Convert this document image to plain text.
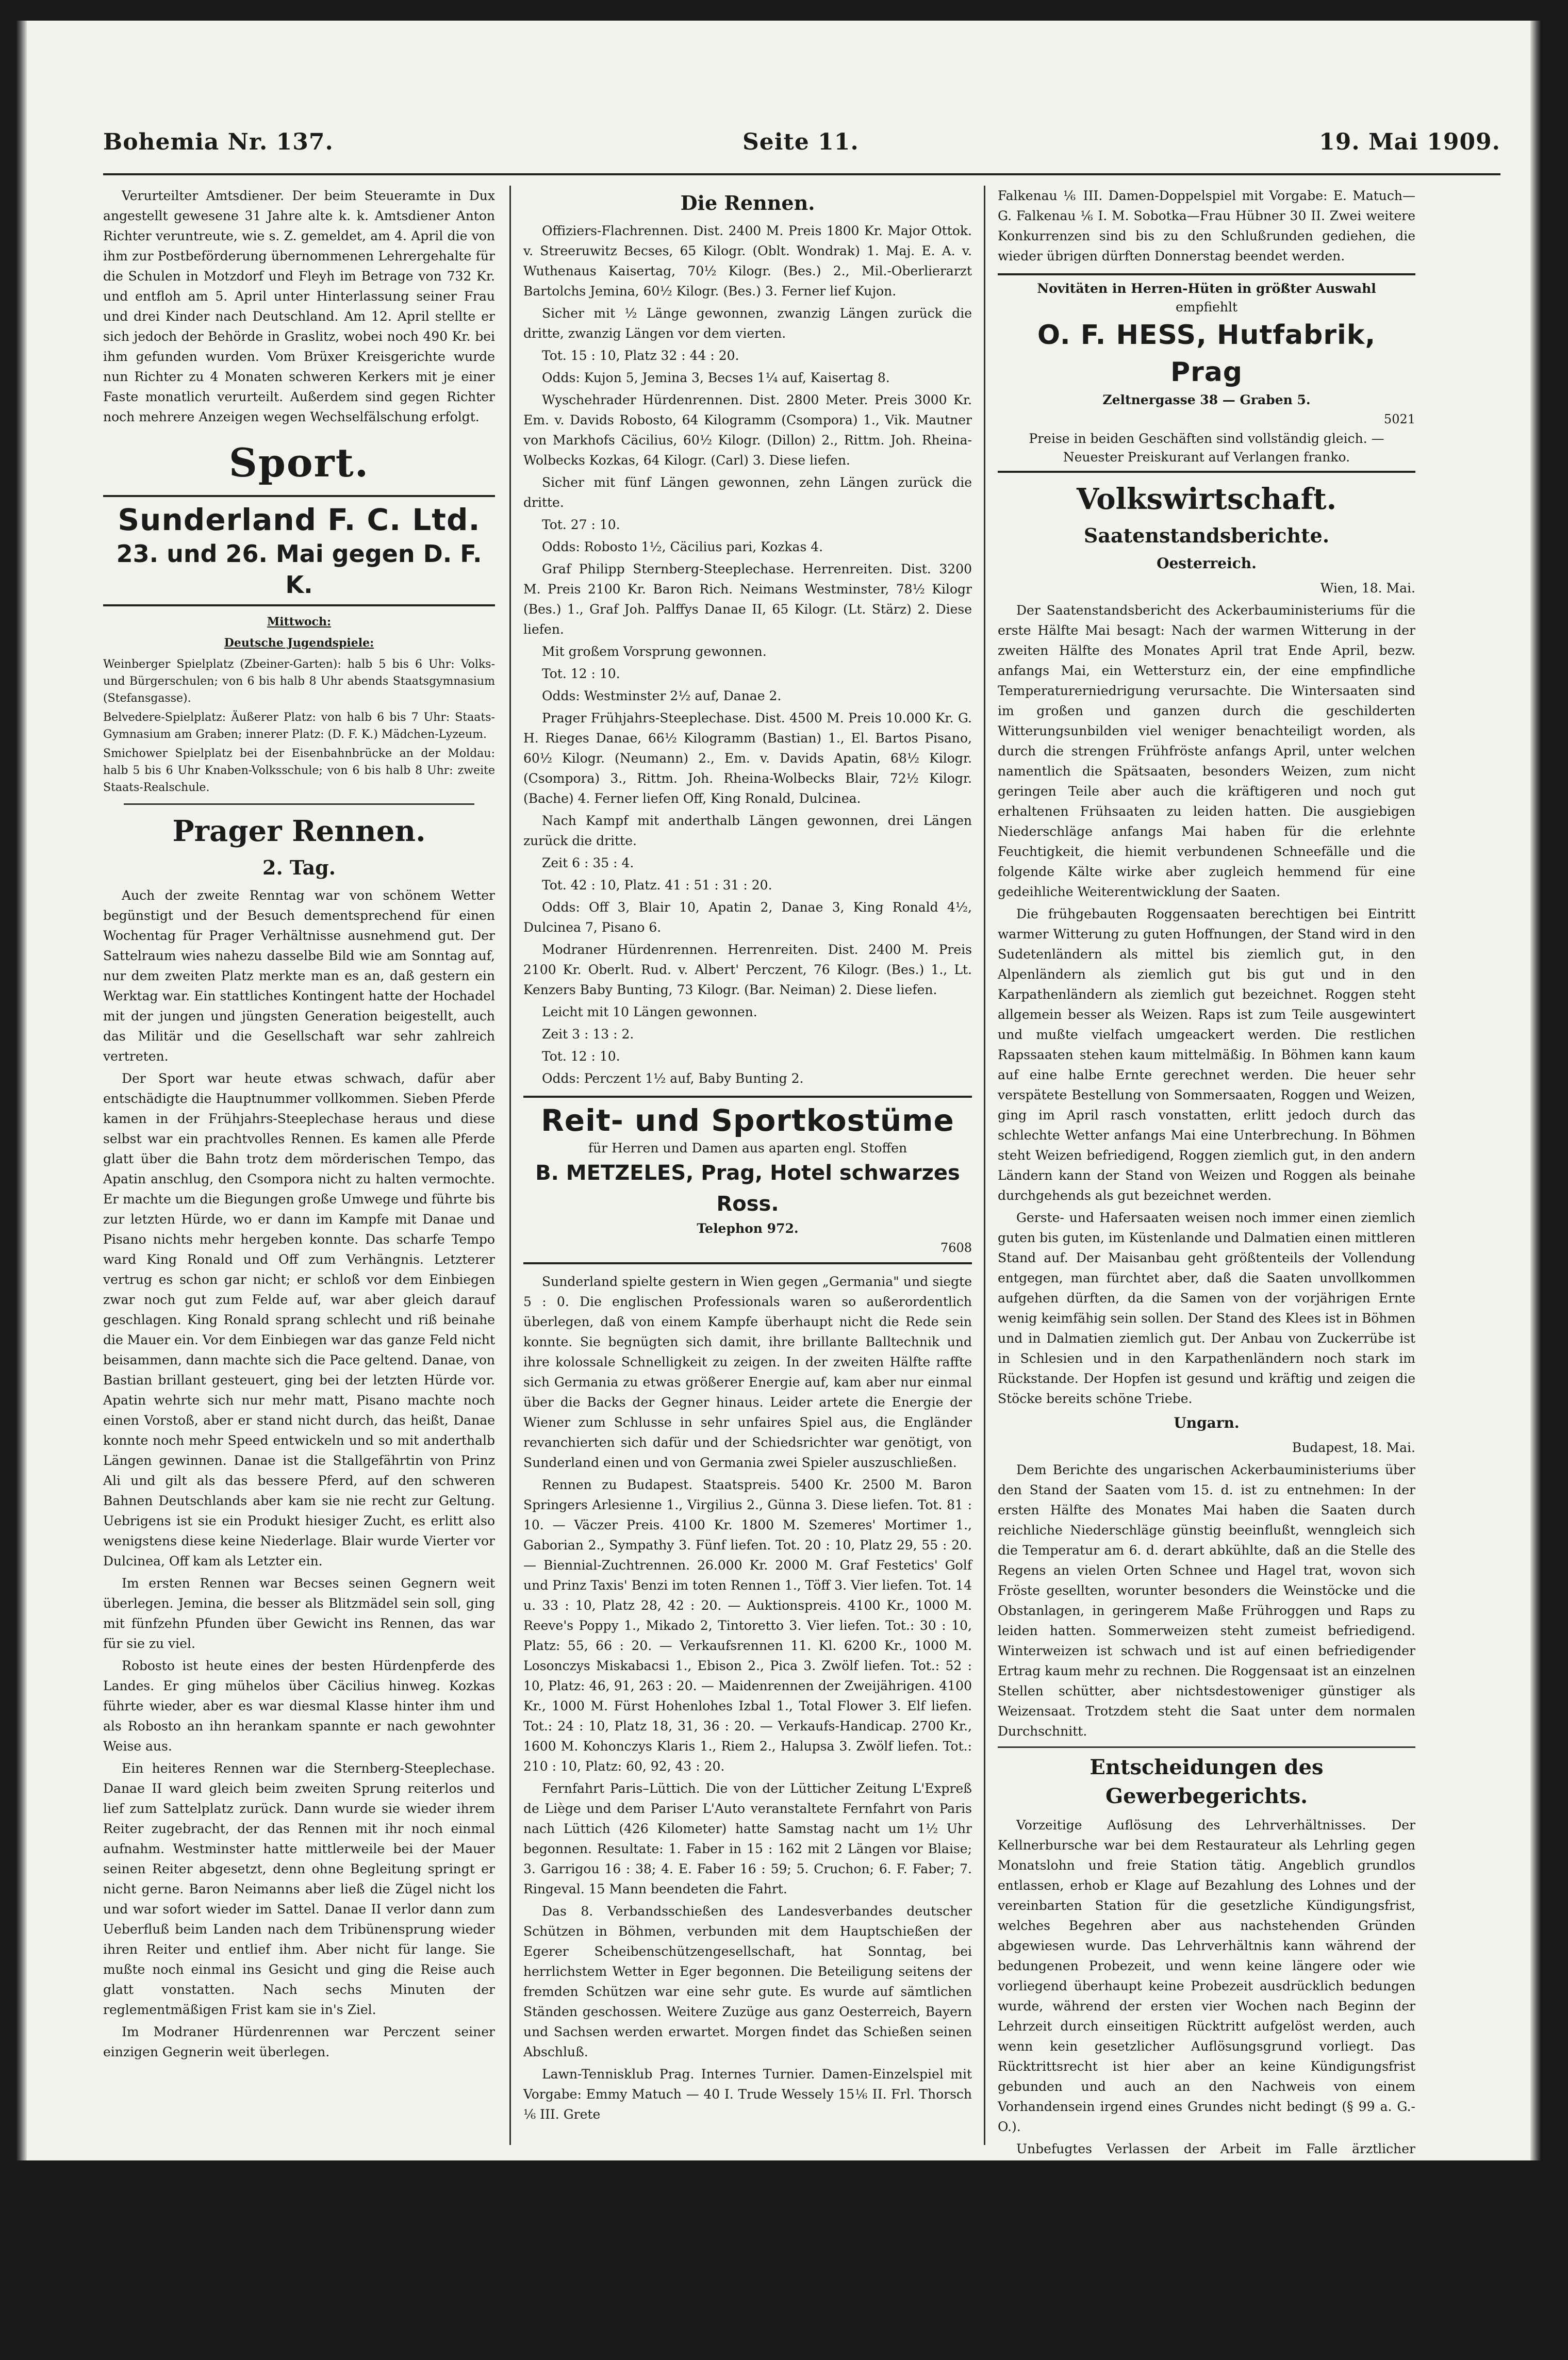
Bohemia Nr. 137.	Seite 11.	19. Mai 1909.

Verurteilter Amtsdiener. Der beim Steueramte in Dux angestellt gewesene 31 Jahre alte k. k. Amtsdiener Anton Richter veruntreute, wie s. Z. gemeldet, am 4. April die von ihm zur Postbeförderung übernommenen Lehrergehalte für die Schulen in Motzdorf und Fleyh im Betrage von 732 Kr. und entfloh am 5. April unter Hinterlassung seiner Frau und drei Kinder nach Deutschland. Am 12. April stellte er sich jedoch der Behörde in Graslitz, wobei noch 490 Kr. bei ihm gefunden wurden. Vom Brüxer Kreisgerichte wurde nun Richter zu 4 Monaten schweren Kerkers mit je einer Faste monatlich verurteilt. Außerdem sind gegen Richter noch mehrere Anzeigen wegen Wechselfälschung erfolgt.

Sport.
Sunderland F. C. Ltd.
23. und 26. Mai gegen D. F. K.
Mittwoch:
Deutsche Jugendspiele:

Weinberger Spielplatz (Zbeiner-Garten): halb 5 bis 6 Uhr: Volks- und Bürgerschulen; von 6 bis halb 8 Uhr abends Staatsgymnasium (Stefansgasse).

Belvedere-Spielplatz: Äußerer Platz: von halb 6 bis 7 Uhr: Staats-Gymnasium am Graben; innerer Platz: (D. F. K.) Mädchen-Lyzeum.

Smichower Spielplatz bei der Eisenbahnbrücke an der Moldau: halb 5 bis 6 Uhr Knaben-Volksschule; von 6 bis halb 8 Uhr: zweite Staats-Realschule.

Prager Rennen.
2. Tag.

Auch der zweite Renntag war von schönem Wetter begünstigt und der Besuch dementsprechend für einen Wochentag für Prager Verhältnisse ausnehmend gut. Der Sattelraum wies nahezu dasselbe Bild wie am Sonntag auf, nur dem zweiten Platz merkte man es an, daß gestern ein Werktag war. Ein stattliches Kontingent hatte der Hochadel mit der jungen und jüngsten Generation beigestellt, auch das Militär und die Gesellschaft war sehr zahlreich vertreten.

Der Sport war heute etwas schwach, dafür aber entschädigte die Hauptnummer vollkommen. Sieben Pferde kamen in der Frühjahrs-Steeplechase heraus und diese selbst war ein prachtvolles Rennen. Es kamen alle Pferde glatt über die Bahn trotz dem mörderischen Tempo, das Apatin anschlug, den Csompora nicht zu halten vermochte. Er machte um die Biegungen große Umwege und führte bis zur letzten Hürde, wo er dann im Kampfe mit Danae und Pisano nichts mehr hergeben konnte. Das scharfe Tempo ward King Ronald und Off zum Verhängnis. Letzterer vertrug es schon gar nicht; er schloß vor dem Einbiegen zwar noch gut zum Felde auf, war aber gleich darauf geschlagen. King Ronald sprang schlecht und riß beinahe die Mauer ein. Vor dem Einbiegen war das ganze Feld nicht beisammen, dann machte sich die Pace geltend. Danae, von Bastian brillant gesteuert, ging bei der letzten Hürde vor. Apatin wehrte sich nur mehr matt, Pisano machte noch einen Vorstoß, aber er stand nicht durch, das heißt, Danae konnte noch mehr Speed entwickeln und so mit anderthalb Längen gewinnen. Danae ist die Stallgefährtin von Prinz Ali und gilt als das bessere Pferd, auf den schweren Bahnen Deutschlands aber kam sie nie recht zur Geltung. Uebrigens ist sie ein Produkt hiesiger Zucht, es erlitt also wenigstens diese keine Niederlage. Blair wurde Vierter vor Dulcinea, Off kam als Letzter ein.

Im ersten Rennen war Becses seinen Gegnern weit überlegen. Jemina, die besser als Blitzmädel sein soll, ging mit fünfzehn Pfunden über Gewicht ins Rennen, das war für sie zu viel.

Robosto ist heute eines der besten Hürdenpferde des Landes. Er ging mühelos über Cäcilius hinweg. Kozkas führte wieder, aber es war diesmal Klasse hinter ihm und als Robosto an ihn herankam spannte er nach gewohnter Weise aus.

Ein heiteres Rennen war die Sternberg-Steeplechase. Danae II ward gleich beim zweiten Sprung reiterlos und lief zum Sattelplatz zurück. Dann wurde sie wieder ihrem Reiter zugebracht, der das Rennen mit ihr noch einmal aufnahm. Westminster hatte mittlerweile bei der Mauer seinen Reiter abgesetzt, denn ohne Begleitung springt er nicht gerne. Baron Neimanns aber ließ die Zügel nicht los und war sofort wieder im Sattel. Danae II verlor dann zum Ueberfluß beim Landen nach dem Tribünensprung wieder ihren Reiter und entlief ihm. Aber nicht für lange. Sie mußte noch einmal ins Gesicht und ging die Reise auch glatt vonstatten. Nach sechs Minuten der reglementmäßigen Frist kam sie in's Ziel.

Im Modraner Hürdenrennen war Perczent seiner einzigen Gegnerin weit überlegen.

Die Rennen.

Offiziers-Flachrennen. Dist. 2400 M. Preis 1800 Kr. Major Ottok. v. Streeruwitz Becses, 65 Kilogr. (Oblt. Wondrak) 1. Maj. E. A. v. Wuthenaus Kaisertag, 70½ Kilogr. (Bes.) 2., Mil.-Oberlierarzt Bartolchs Jemina, 60½ Kilogr. (Bes.) 3. Ferner lief Kujon.

Sicher mit ½ Länge gewonnen, zwanzig Längen zurück die dritte, zwanzig Längen vor dem vierten.

Tot. 15 : 10, Platz 32 : 44 : 20.

Odds: Kujon 5, Jemina 3, Becses 1¼ auf, Kaisertag 8.

Wyschehrader Hürdenrennen. Dist. 2800 Meter. Preis 3000 Kr. Em. v. Davids Robosto, 64 Kilogramm (Csompora) 1., Vik. Mautner von Markhofs Cäcilius, 60½ Kilogr. (Dillon) 2., Rittm. Joh. Rheina-Wolbecks Kozkas, 64 Kilogr. (Carl) 3. Diese liefen.

Sicher mit fünf Längen gewonnen, zehn Längen zurück die dritte.

Tot. 27 : 10.

Odds: Robosto 1½, Cäcilius pari, Kozkas 4.

Graf Philipp Sternberg-Steeplechase. Herrenreiten. Dist. 3200 M. Preis 2100 Kr. Baron Rich. Neimans Westminster, 78½ Kilogr (Bes.) 1., Graf Joh. Palffys Danae II, 65 Kilogr. (Lt. Stärz) 2. Diese liefen.

Mit großem Vorsprung gewonnen.

Tot. 12 : 10.

Odds: Westminster 2½ auf, Danae 2.

Prager Frühjahrs-Steeplechase. Dist. 4500 M. Preis 10.000 Kr. G. H. Rieges Danae, 66½ Kilogramm (Bastian) 1., El. Bartos Pisano, 60½ Kilogr. (Neumann) 2., Em. v. Davids Apatin, 68½ Kilogr. (Csompora) 3., Rittm. Joh. Rheina-Wolbecks Blair, 72½ Kilogr. (Bache) 4. Ferner liefen Off, King Ronald, Dulcinea.

Nach Kampf mit anderthalb Längen gewonnen, drei Längen zurück die dritte.

Zeit 6 : 35 : 4.

Tot. 42 : 10, Platz. 41 : 51 : 31 : 20.

Odds: Off 3, Blair 10, Apatin 2, Danae 3, King Ronald 4½, Dulcinea 7, Pisano 6.

Modraner Hürdenrennen. Herrenreiten. Dist. 2400 M. Preis 2100 Kr. Oberlt. Rud. v. Albert' Perczent, 76 Kilogr. (Bes.) 1., Lt. Kenzers Baby Bunting, 73 Kilogr. (Bar. Neiman) 2. Diese liefen.

Leicht mit 10 Längen gewonnen.

Zeit 3 : 13 : 2.

Tot. 12 : 10.

Odds: Perczent 1½ auf, Baby Bunting 2.

Reit- und Sportkostüme
für Herren und Damen aus aparten engl. Stoffen
B. METZELES, Prag, Hotel schwarzes Ross.
Telephon 972.
7608

Sunderland spielte gestern in Wien gegen „Germania" und siegte 5 : 0. Die englischen Professionals waren so außerordentlich überlegen, daß von einem Kampfe überhaupt nicht die Rede sein konnte. Sie begnügten sich damit, ihre brillante Balltechnik und ihre kolossale Schnelligkeit zu zeigen. In der zweiten Hälfte raffte sich Germania zu etwas größerer Energie auf, kam aber nur einmal über die Backs der Gegner hinaus. Leider artete die Energie der Wiener zum Schlusse in sehr unfaires Spiel aus, die Engländer revanchierten sich dafür und der Schiedsrichter war genötigt, von Sunderland einen und von Germania zwei Spieler auszuschließen.

Rennen zu Budapest. Staatspreis. 5400 Kr. 2500 M. Baron Springers Arlesienne 1., Virgilius 2., Günna 3. Diese liefen. Tot. 81 : 10. — Väczer Preis. 4100 Kr. 1800 M. Szemeres' Mortimer 1., Gaborian 2., Sympathy 3. Fünf liefen. Tot. 20 : 10, Platz 29, 55 : 20. — Biennial-Zuchtrennen. 26.000 Kr. 2000 M. Graf Festetics' Golf und Prinz Taxis' Benzi im toten Rennen 1., Töff 3. Vier liefen. Tot. 14 u. 33 : 10, Platz 28, 42 : 20. — Auktionspreis. 4100 Kr., 1000 M. Reeve's Poppy 1., Mikado 2, Tintoretto 3. Vier liefen. Tot.: 30 : 10, Platz: 55, 66 : 20. — Verkaufsrennen 11. Kl. 6200 Kr., 1000 M. Losonczys Miskabacsi 1., Ebison 2., Pica 3. Zwölf liefen. Tot.: 52 : 10, Platz: 46, 91, 263 : 20. — Maidenrennen der Zweijährigen. 4100 Kr., 1000 M. Fürst Hohenlohes Izbal 1., Total Flower 3. Elf liefen. Tot.: 24 : 10, Platz 18, 31, 36 : 20. — Verkaufs-Handicap. 2700 Kr., 1600 M. Kohonczys Klaris 1., Riem 2., Halupsa 3. Zwölf liefen. Tot.: 210 : 10, Platz: 60, 92, 43 : 20.

Fernfahrt Paris–Lüttich. Die von der Lütticher Zeitung L'Expreß de Liège und dem Pariser L'Auto veranstaltete Fernfahrt von Paris nach Lüttich (426 Kilometer) hatte Samstag nacht um 1½ Uhr begonnen. Resultate: 1. Faber in 15 : 162 mit 2 Längen vor Blaise; 3. Garrigou 16 : 38; 4. E. Faber 16 : 59; 5. Cruchon; 6. F. Faber; 7. Ringeval. 15 Mann beendeten die Fahrt.

Das 8. Verbandsschießen des Landesverbandes deutscher Schützen in Böhmen, verbunden mit dem Hauptschießen der Egerer Scheibenschützengesellschaft, hat Sonntag, bei herrlichstem Wetter in Eger begonnen. Die Beteiligung seitens der fremden Schützen war eine sehr gute. Es wurde auf sämtlichen Ständen geschossen. Weitere Zuzüge aus ganz Oesterreich, Bayern und Sachsen werden erwartet. Morgen findet das Schießen seinen Abschluß.

Lawn-Tennisklub Prag. Internes Turnier. Damen-Einzelspiel mit Vorgabe: Emmy Matuch — 40 I. Trude Wessely 15⅙ II. Frl. Thorsch ⅙ III. Grete

Falkenau ⅙ III. Damen-Doppelspiel mit Vorgabe: E. Matuch—G. Falkenau ⅙ I. M. Sobotka—Frau Hübner 30 II. Zwei weitere Konkurrenzen sind bis zu den Schlußrunden gediehen, die wieder übrigen dürften Donnerstag beendet werden.

Novitäten in Herren-Hüten in größter Auswahl
empfiehlt
O. F. HESS, Hutfabrik, Prag
Zeltnergasse 38 — Graben 5.
5021
Preise in beiden Geschäften sind vollständig gleich. — Neuester Preiskurant auf Verlangen franko.
Volkswirtschaft.
Saatenstandsberichte.
Oesterreich.

Wien, 18. Mai.

Der Saatenstandsbericht des Ackerbauministeriums für die erste Hälfte Mai besagt: Nach der warmen Witterung in der zweiten Hälfte des Monates April trat Ende April, bezw. anfangs Mai, ein Wettersturz ein, der eine empfindliche Temperaturerniedrigung verursachte. Die Wintersaaten sind im großen und ganzen durch die geschilderten Witterungsunbilden viel weniger benachteiligt worden, als durch die strengen Frühfröste anfangs April, unter welchen namentlich die Spätsaaten, besonders Weizen, zum nicht geringen Teile aber auch die kräftigeren und noch gut erhaltenen Frühsaaten zu leiden hatten. Die ausgiebigen Niederschläge anfangs Mai haben für die erlehnte Feuchtigkeit, die hiemit verbundenen Schneefälle und die folgende Kälte wirke aber zugleich hemmend für eine gedeihliche Weiterentwicklung der Saaten.

Die frühgebauten Roggensaaten berechtigen bei Eintritt warmer Witterung zu guten Hoffnungen, der Stand wird in den Sudetenländern als mittel bis ziemlich gut, in den Alpenländern als ziemlich gut bis gut und in den Karpathenländern als ziemlich gut bezeichnet. Roggen steht allgemein besser als Weizen. Raps ist zum Teile ausgewintert und mußte vielfach umgeackert werden. Die restlichen Rapssaaten stehen kaum mittelmäßig. In Böhmen kann kaum auf eine halbe Ernte gerechnet werden. Die heuer sehr verspätete Bestellung von Sommersaaten, Roggen und Weizen, ging im April rasch vonstatten, erlitt jedoch durch das schlechte Wetter anfangs Mai eine Unterbrechung. In Böhmen steht Weizen befriedigend, Roggen ziemlich gut, in den andern Ländern kann der Stand von Weizen und Roggen als beinahe durchgehends als gut bezeichnet werden.

Gerste- und Hafersaaten weisen noch immer einen ziemlich guten bis guten, im Küstenlande und Dalmatien einen mittleren Stand auf. Der Maisanbau geht größtenteils der Vollendung entgegen, man fürchtet aber, daß die Saaten unvollkommen aufgehen dürften, da die Samen von der vorjährigen Ernte wenig keimfähig sein sollen. Der Stand des Klees ist in Böhmen und in Dalmatien ziemlich gut. Der Anbau von Zuckerrübe ist in Schlesien und in den Karpathenländern noch stark im Rückstande. Der Hopfen ist gesund und kräftig und zeigen die Stöcke bereits schöne Triebe.

Ungarn.

Budapest, 18. Mai.

Dem Berichte des ungarischen Ackerbauministeriums über den Stand der Saaten vom 15. d. ist zu entnehmen: In der ersten Hälfte des Monates Mai haben die Saaten durch reichliche Niederschläge günstig beeinflußt, wenngleich sich die Temperatur am 6. d. derart abkühlte, daß an die Stelle des Regens an vielen Orten Schnee und Hagel trat, wovon sich Fröste gesellten, worunter besonders die Weinstöcke und die Obstanlagen, in geringerem Maße Frühroggen und Raps zu leiden hatten. Sommerweizen steht zumeist befriedigend. Winterweizen ist schwach und ist auf einen befriedigender Ertrag kaum mehr zu rechnen. Die Roggensaat ist an einzelnen Stellen schütter, aber nichtsdestoweniger günstiger als Weizensaat. Trotzdem steht die Saat unter dem normalen Durchschnitt.

Entscheidungen des Gewerbegerichts.

Vorzeitige Auflösung des Lehrverhältnisses. Der Kellnerbursche war bei dem Restaurateur als Lehrling gegen Monatslohn und freie Station tätig. Angeblich grundlos entlassen, erhob er Klage auf Bezahlung des Lohnes und der vereinbarten Station für die gesetzliche Kündigungsfrist, welches Begehren aber aus nachstehenden Gründen abgewiesen wurde. Das Lehrverhältnis kann während der bedungenen Probezeit, und wenn keine längere oder wie vorliegend überhaupt keine Probezeit ausdrücklich bedungen wurde, während der ersten vier Wochen nach Beginn der Lehrzeit durch einseitigen Rücktritt aufgelöst werden, auch wenn kein gesetzlicher Auflösungsgrund vorliegt. Das Rücktrittsrecht ist hier aber an keine Kündigungsfrist gebunden und auch an den Nachweis von einem Vorhandensein irgend eines Grundes nicht bedingt (§ 99 a. G.-O.).

Unbefugtes Verlassen der Arbeit im Falle ärztlicher Sicherstellung der Arbeitsfähigkeit des Gehilfen. Ein Schuhmachergehilfe meldete sich Montag krank und verlangte von seinem Arbeitgeber die Ausstellung eines Krankenzettels, welchem Ansuchen der Gewerbeinhaber auch nachkam. Der Kassenarzt, an den sich der Arbeiter wendete, konnte keine Krankheit feststellen und erklärte den Gehilfen für arbeitsfähig. Trotzdem kam der Gehilfe nicht in seine Werkstätte und konsultierte am nächsten Tage wieder den Kassenarzt, aber mit dem gleichen Erfolge. Auf Befragen des Arztes erklärte der Hilfsarbeiter, er wolle nicht arbeiten,
